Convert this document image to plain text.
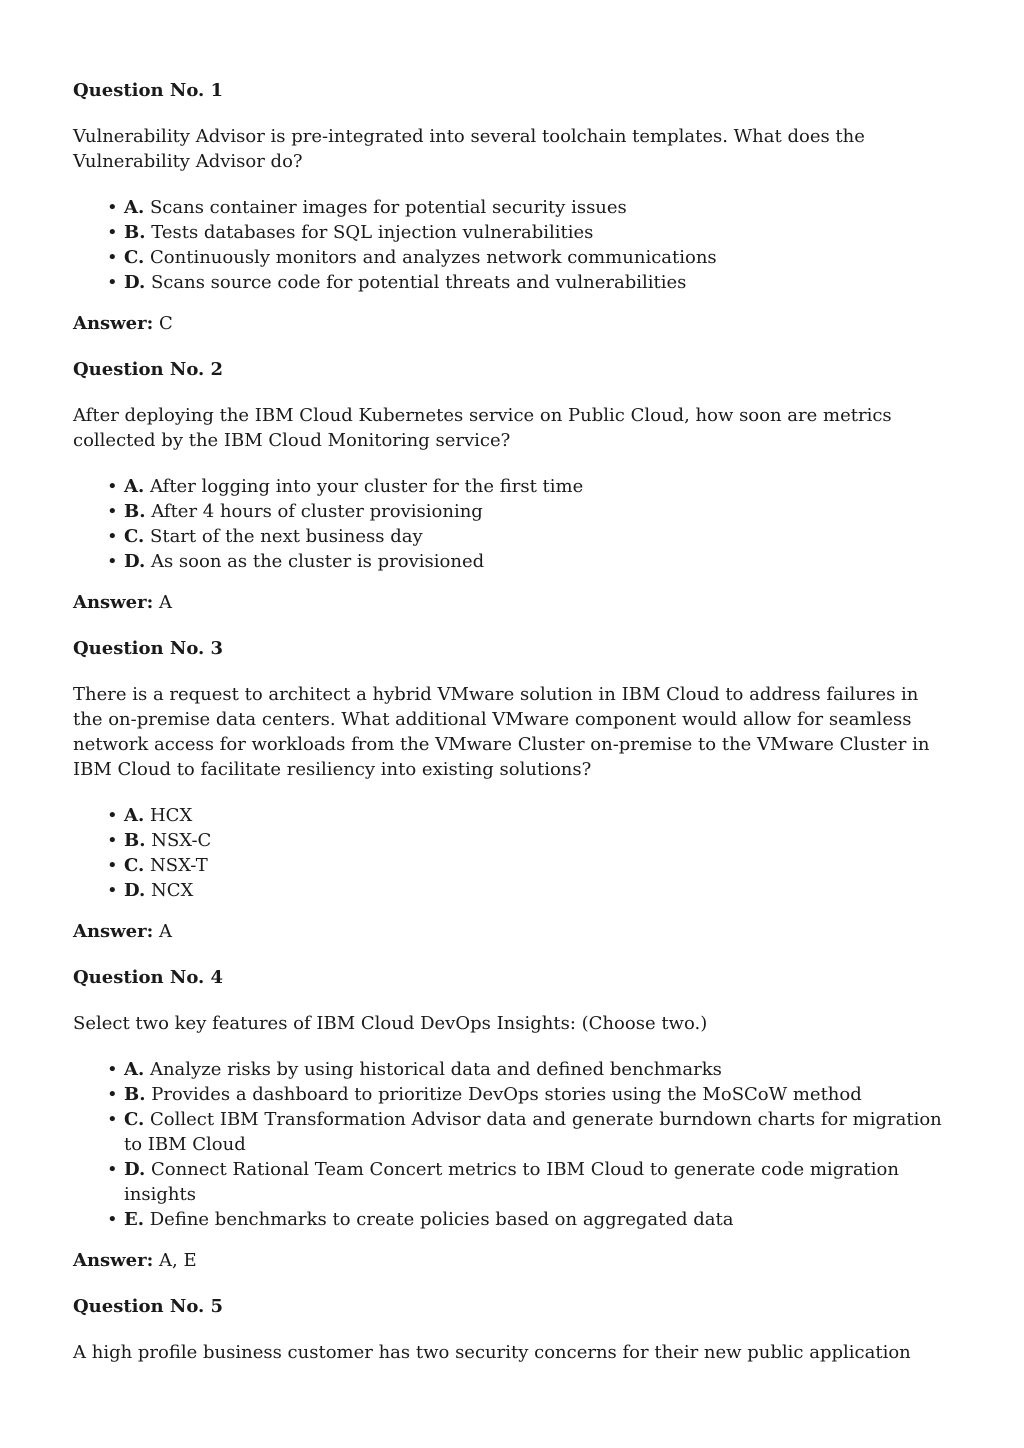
Question No. 1
Vulnerability Advisor is pre-integrated into several toolchain templates. What does the Vulnerability Advisor do?
• A. Scans container images for potential security issues
• B. Tests databases for SQL injection vulnerabilities
• C. Continuously monitors and analyzes network communications
• D. Scans source code for potential threats and vulnerabilities
Answer: C
Question No. 2
After deploying the IBM Cloud Kubernetes service on Public Cloud, how soon are metrics collected by the IBM Cloud Monitoring service?
• A. After logging into your cluster for the first time
• B. After 4 hours of cluster provisioning
• C. Start of the next business day
• D. As soon as the cluster is provisioned
Answer: A
Question No. 3
There is a request to architect a hybrid VMware solution in IBM Cloud to address failures in the on-premise data centers. What additional VMware component would allow for seamless network access for workloads from the VMware Cluster on-premise to the VMware Cluster in IBM Cloud to facilitate resiliency into existing solutions?
• A. HCX
• B. NSX-C
• C. NSX-T
• D. NCX
Answer: A
Question No. 4
Select two key features of IBM Cloud DevOps Insights: (Choose two.)
• A. Analyze risks by using historical data and defined benchmarks
• B. Provides a dashboard to prioritize DevOps stories using the MoSCoW method
• C. Collect IBM Transformation Advisor data and generate burndown charts for migration to IBM Cloud
• D. Connect Rational Team Concert metrics to IBM Cloud to generate code migration insights
• E. Define benchmarks to create policies based on aggregated data
Answer: A, E
Question No. 5
A high profile business customer has two security concerns for their new public application
